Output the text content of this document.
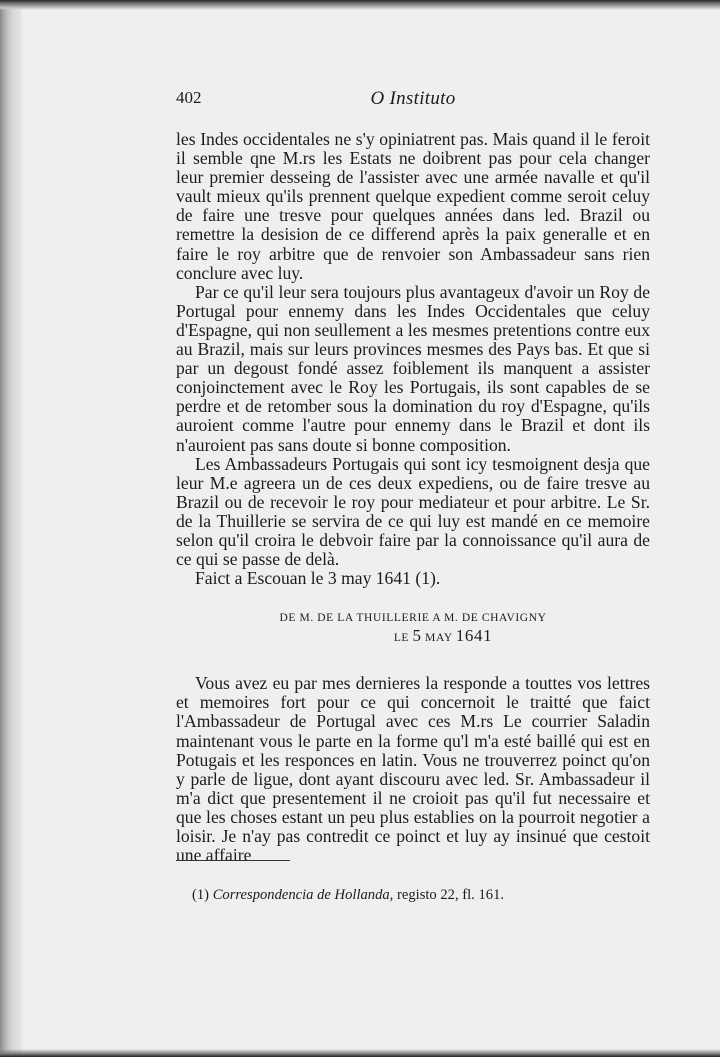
402	O Instituto

les Indes occidentales ne s'y opiniatrent pas. Mais quand il le feroit il semble qne M.rs les Estats ne doibrent pas pour cela changer leur premier desseing de l'assister avec une armée navalle et qu'il vault mieux qu'ils prennent quelque expedient comme seroit celuy de faire une tresve pour quelques années dans led. Brazil ou remettre la desision de ce differend après la paix generalle et en faire le roy arbitre que de renvoier son Ambassadeur sans rien conclure avec luy.

Par ce qu'il leur sera toujours plus avantageux d'avoir un Roy de Portugal pour ennemy dans les Indes Occidentales que celuy d'Espagne, qui non seullement a les mesmes pretentions contre eux au Brazil, mais sur leurs provinces mesmes des Pays bas. Et que si par un degoust fondé assez foiblement ils manquent a assister conjoinctement avec le Roy les Portugais, ils sont capables de se perdre et de retomber sous la domination du roy d'Espagne, qu'ils auroient comme l'autre pour ennemy dans le Brazil et dont ils n'auroient pas sans doute si bonne composition.

Les Ambassadeurs Portugais qui sont icy tesmoignent desja que leur M.e agreera un de ces deux expediens, ou de faire tresve au Brazil ou de recevoir le roy pour mediateur et pour arbitre. Le Sr. de la Thuillerie se servira de ce qui luy est mandé en ce memoire selon qu'il croira le debvoir faire par la connoissance qu'il aura de ce qui se passe de delà.

Faict a Escouan le 3 may 1641 (1).

DE M. DE LA THUILLERIE A M. DE CHAVIGNY
LE 5 MAY 1641

Vous avez eu par mes dernieres la responde a touttes vos lettres et memoires fort pour ce qui concernoit le traitté que faict l'Ambassadeur de Portugal avec ces M.rs Le courrier Saladin maintenant vous le parte en la forme qu'l m'a esté baillé qui est en Potugais et les responces en latin. Vous ne trouverrez poinct qu'on y parle de ligue, dont ayant discouru avec led. Sr. Ambassadeur il m'a dict que presentement il ne croioit pas qu'il fut necessaire et que les choses estant un peu plus establies on la pourroit negotier a loisir. Je n'ay pas contredit ce poinct et luy ay insinué que cestoit une affaire

(1) Correspondencia de Hollanda, registo 22, fl. 161.
